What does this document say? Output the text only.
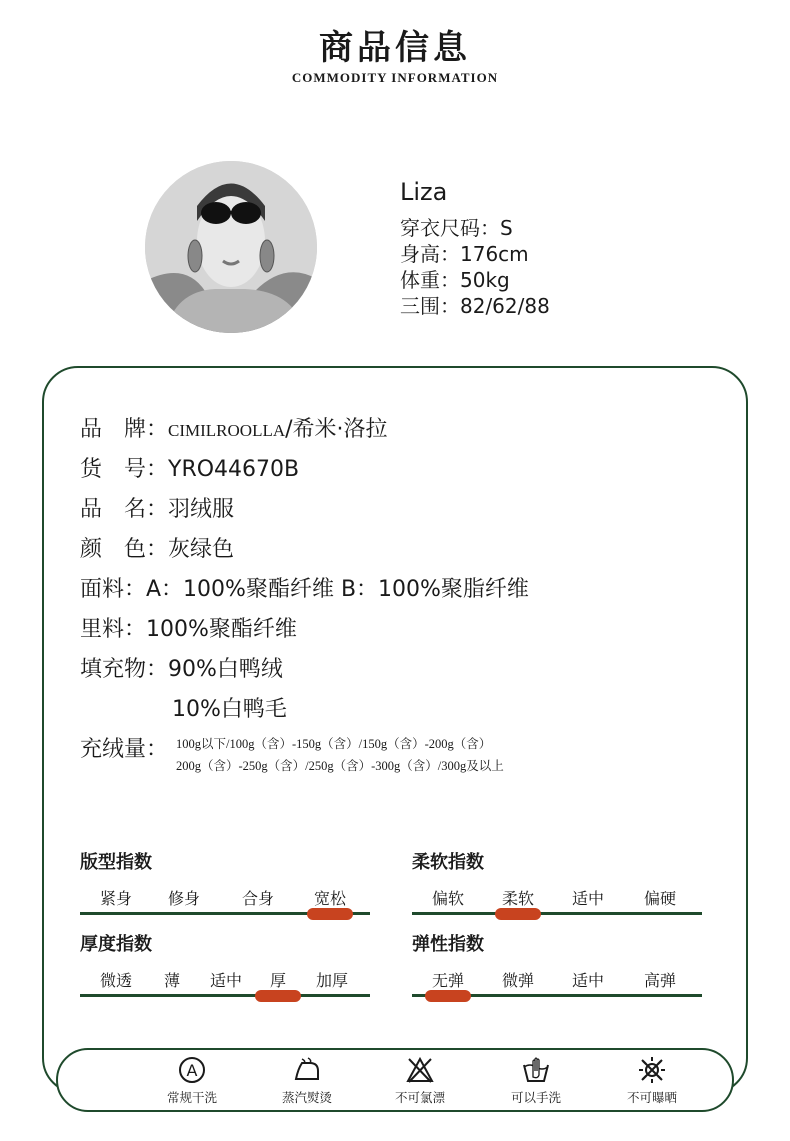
商品信息
COMMODITY INFORMATION
Liza
穿衣尺码：S
身高：176cm
体重：50kg
三围：82/62/88
品　牌：CIMILROOLLA/希米·洛拉
货　号：YRO44670B
品　名：羽绒服
颜　色：灰绿色
面料：A：100%聚酯纤维 B：100%聚脂纤维
里料：100%聚酯纤维
填充物：90%白鸭绒
10%白鸭毛
充绒量： 100g以下/100g（含）-150g（含）/150g（含）-200g（含）
200g（含）-250g（含）/250g（含）-300g（含）/300g及以上
版型指数
紧身	修身	合身	宽松
柔软指数
偏软	柔软	适中	偏硬
厚度指数
微透	薄	适中	厚	加厚
弹性指数
无弹	微弹	适中	高弹
A
常规干洗	蒸汽熨烫	不可氯漂	可以手洗	不可曝晒
